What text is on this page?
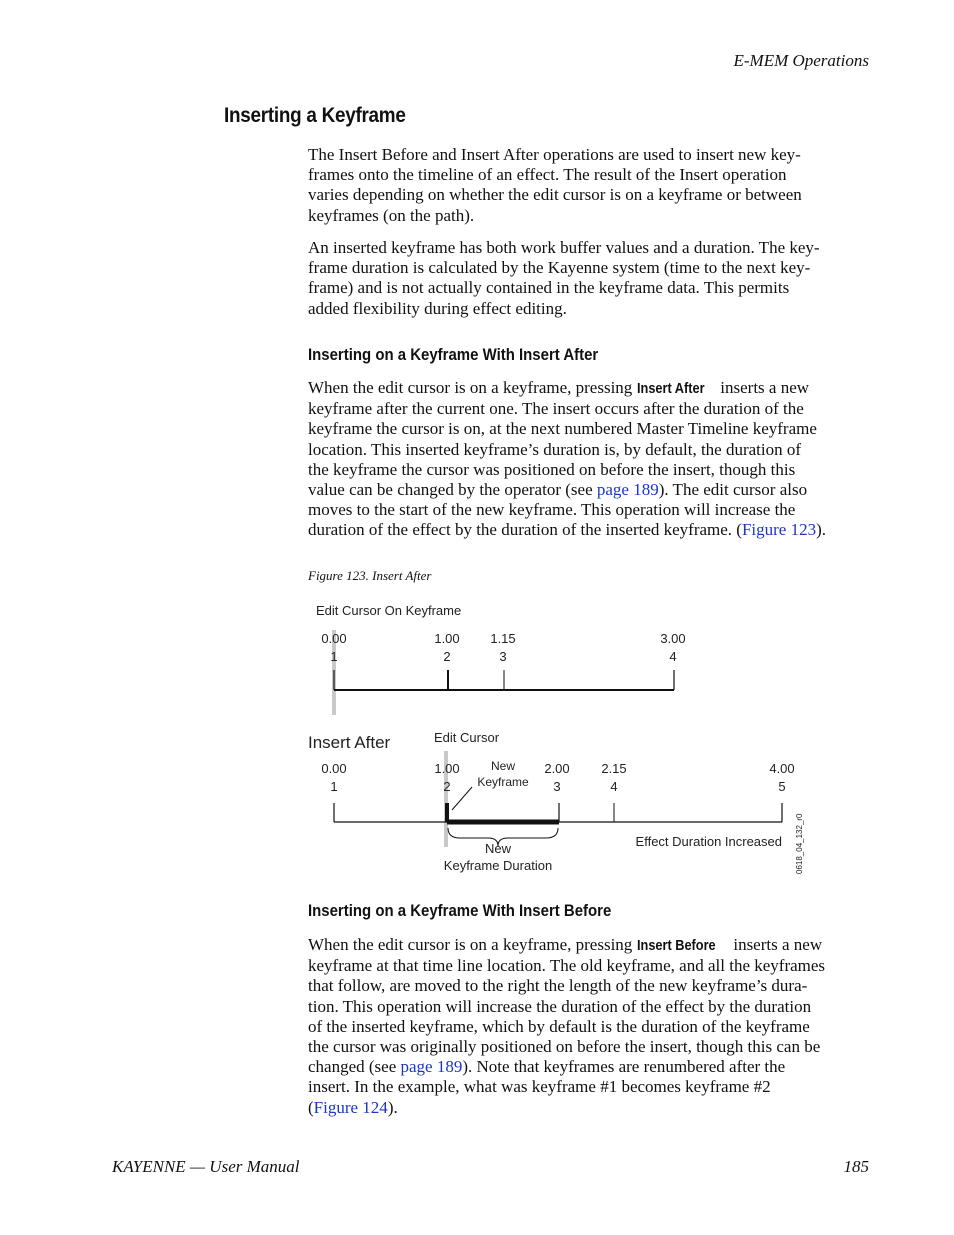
E-MEM Operations
Inserting a Keyframe

The Insert Before and Insert After operations are used to insert new key-
frames onto the timeline of an effect. The result of the Insert operation
varies depending on whether the edit cursor is on a keyframe or between
keyframes (on the path).

An inserted keyframe has both work buffer values and a duration. The key-
frame duration is calculated by the Kayenne system (time to the next key-
frame) and is not actually contained in the keyframe data. This permits
added flexibility during effect editing.

Inserting on a Keyframe With Insert After

When the edit cursor is on a keyframe, pressing Insert After inserts a new
keyframe after the current one. The insert occurs after the duration of the
keyframe the cursor is on, at the next numbered Master Timeline keyframe
location. This inserted keyframe’s duration is, by default, the duration of
the keyframe the cursor was positioned on before the insert, though this
value can be changed by the operator (see page 189). The edit cursor also
moves to the start of the new keyframe. This operation will increase the
duration of the effect by the duration of the inserted keyframe. (Figure 123).

Figure 123. Insert After
Edit Cursor On Keyframe
0.00	1.00 1.15	3.00
1	2	3	4
Insert After	Edit Cursor
New
Keyframe
0.00	1.00	2.00 2.15	4.00
1	2	3	4	5
New
Keyframe Duration
Effect Duration Increased 0618_04_132_r0
Inserting on a Keyframe With Insert Before

When the edit cursor is on a keyframe, pressing Insert Before inserts a new
keyframe at that time line location. The old keyframe, and all the keyframes
that follow, are moved to the right the length of the new keyframe’s dura-
tion. This operation will increase the duration of the effect by the duration
of the inserted keyframe, which by default is the duration of the keyframe
the cursor was originally positioned on before the insert, though this can be
changed (see page 189). Note that keyframes are renumbered after the
insert. In the example, what was keyframe #1 becomes keyframe #2
(Figure 124).

KAYENNE — User Manual	185
